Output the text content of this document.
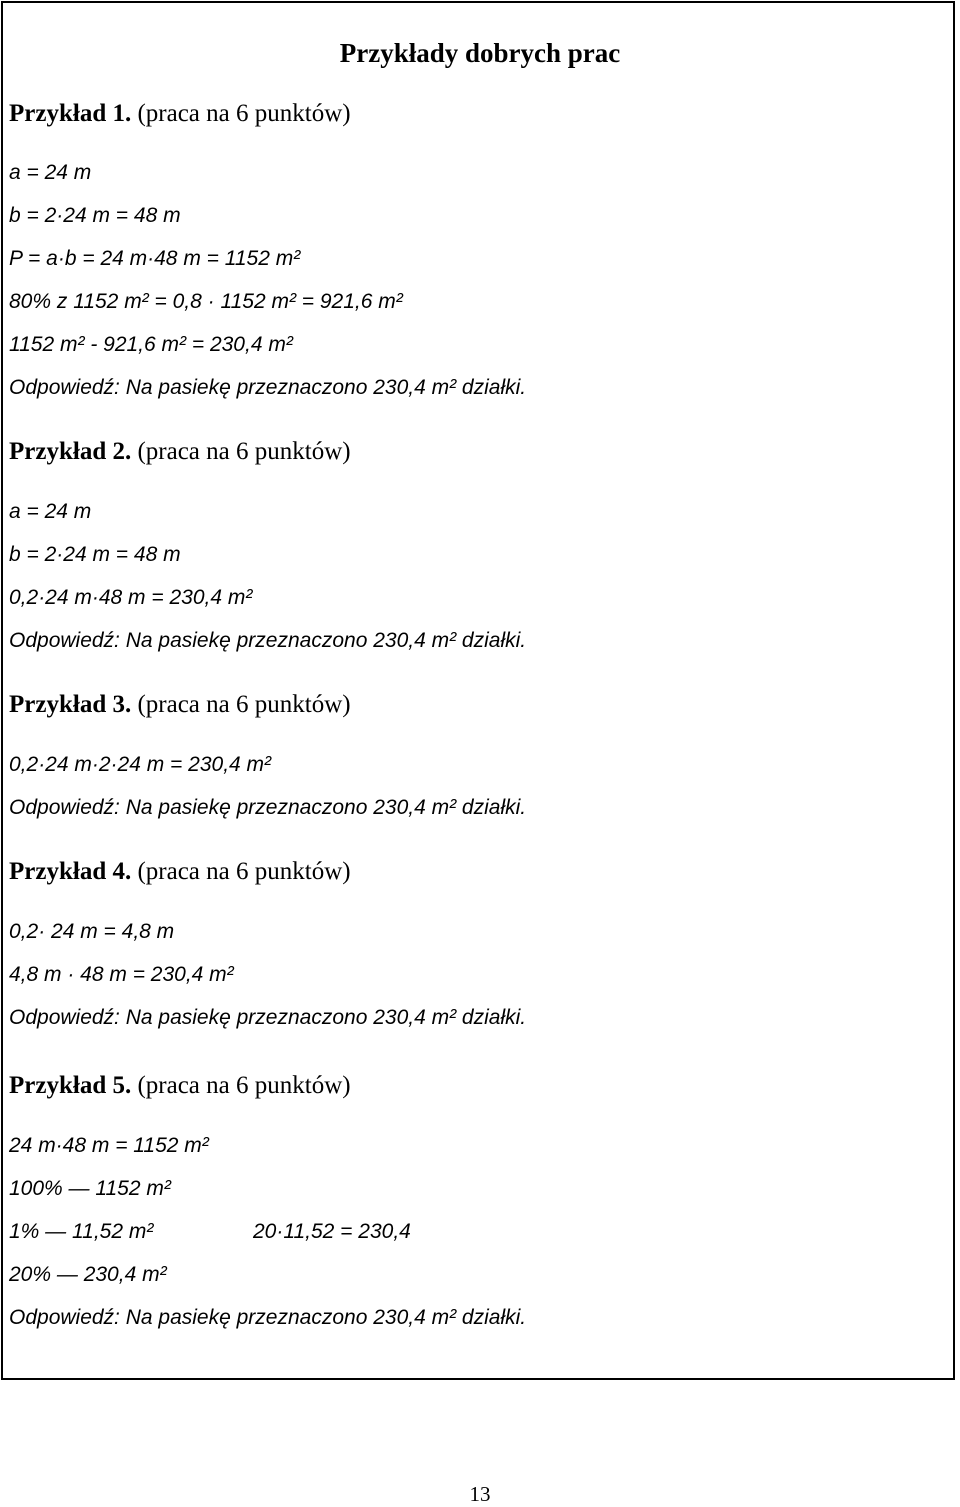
Przykłady dobrych prac
Przykład 1. (praca na 6 punktów)
a = 24 m
b = 2·24 m = 48 m
P = a·b = 24 m·48 m = 1152 m²
80% z 1152 m² = 0,8 · 1152 m² = 921,6 m²
1152 m² - 921,6 m² = 230,4 m²
Odpowiedź: Na pasiekę przeznaczono 230,4 m² działki.
Przykład 2. (praca na 6 punktów)
a = 24 m
b = 2·24 m = 48 m
0,2·24 m·48 m = 230,4 m²
Odpowiedź: Na pasiekę przeznaczono 230,4 m² działki.
Przykład 3. (praca na 6 punktów)
0,2·24 m·2·24 m = 230,4 m²
Odpowiedź: Na pasiekę przeznaczono 230,4 m² działki.
Przykład 4. (praca na 6 punktów)
0,2· 24 m = 4,8 m
4,8 m · 48 m = 230,4 m²
Odpowiedź: Na pasiekę przeznaczono 230,4 m² działki.
Przykład 5. (praca na 6 punktów)
24 m·48 m = 1152 m²
100% — 1152 m²
1% — 11,52 m²	20·11,52 = 230,4
20% — 230,4 m²
Odpowiedź: Na pasiekę przeznaczono 230,4 m² działki.
13
